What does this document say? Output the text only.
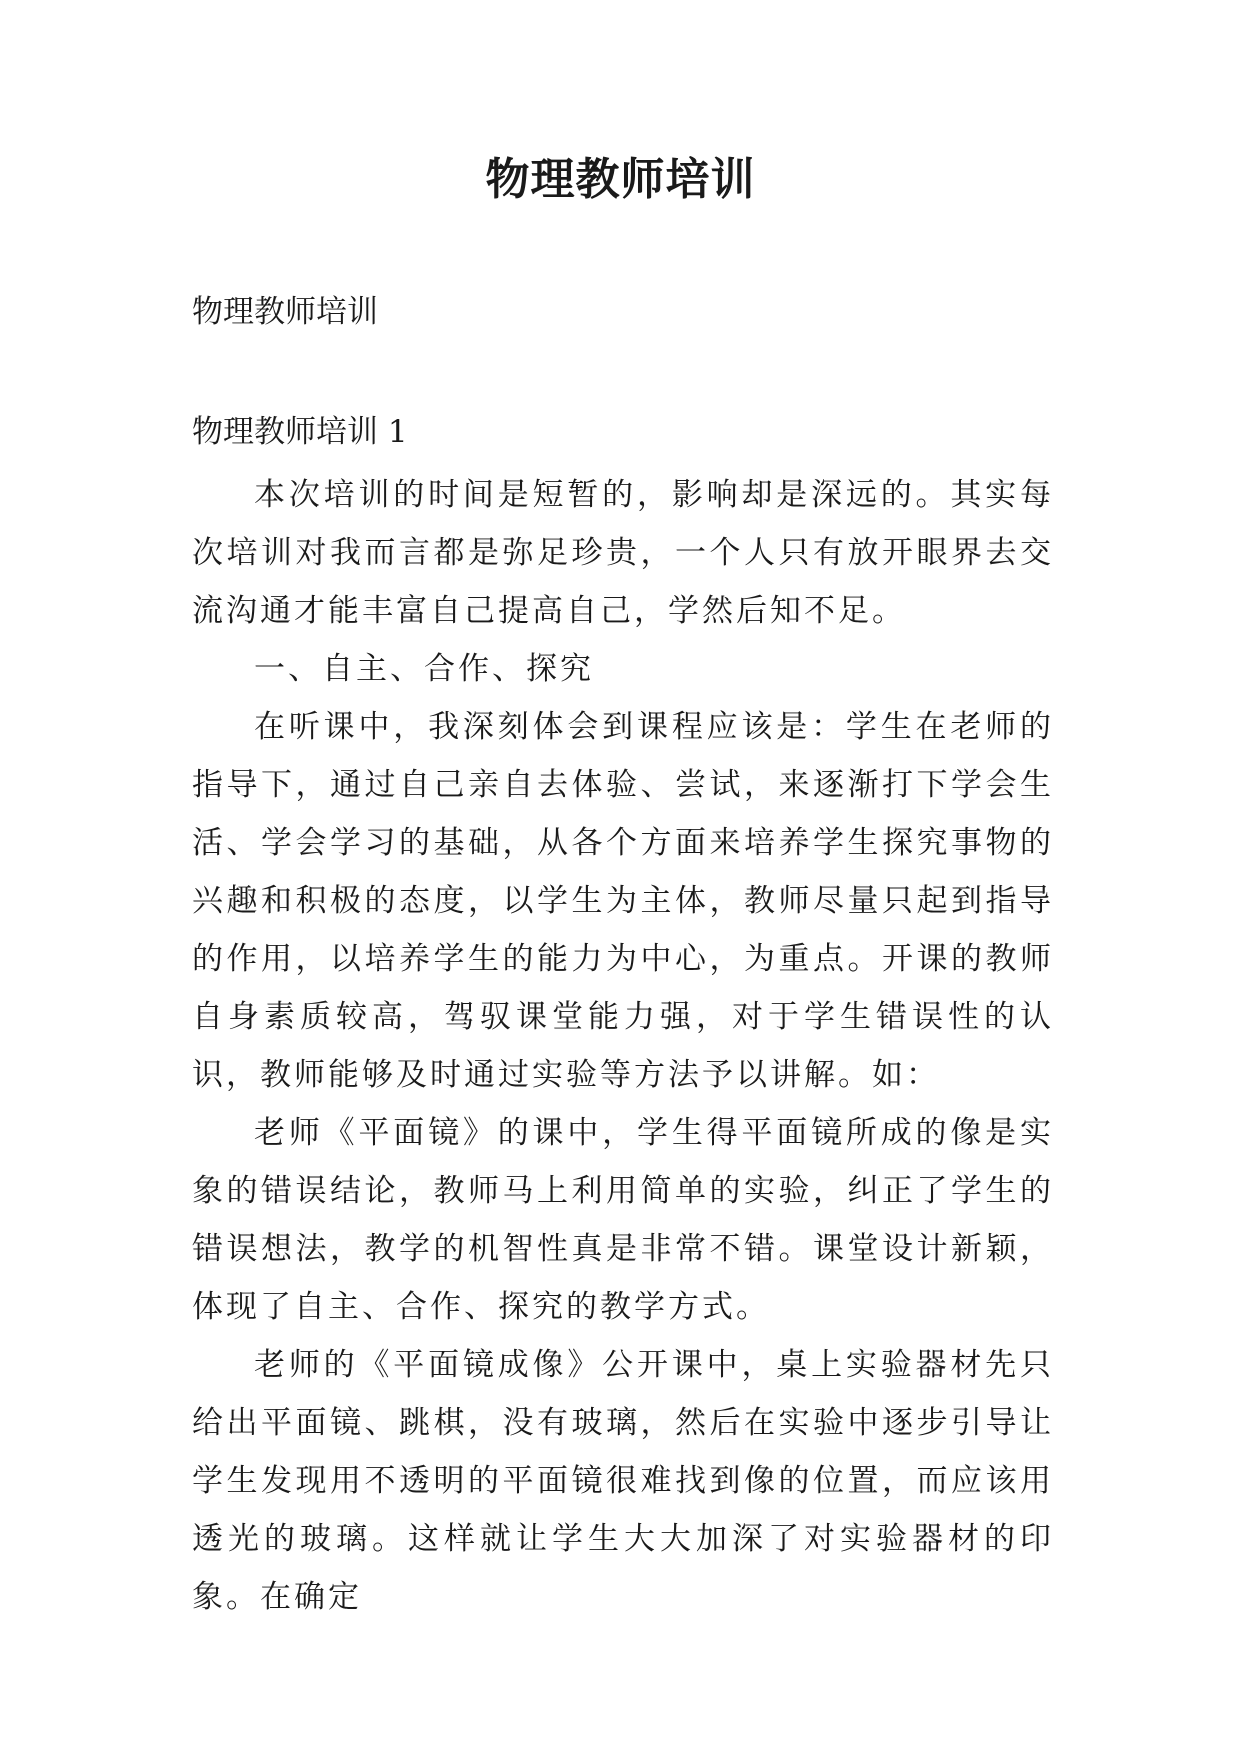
物理教师培训
物理教师培训
物理教师培训 1

本次培训的时间是短暂的，影响却是深远的。其实每次培训对我而言都是弥足珍贵，一个人只有放开眼界去交流沟通才能丰富自己提高自己，学然后知不足。

一、自主、合作、探究

在听课中，我深刻体会到课程应该是：学生在老师的指导下，通过自己亲自去体验、尝试，来逐渐打下学会生活、学会学习的基础，从各个方面来培养学生探究事物的兴趣和积极的态度，以学生为主体，教师尽量只起到指导的作用，以培养学生的能力为中心，为重点。开课的教师自身素质较高，驾驭课堂能力强，对于学生错误性的认识，教师能够及时通过实验等方法予以讲解。如：

老师《平面镜》的课中，学生得平面镜所成的像是实象的错误结论，教师马上利用简单的实验，纠正了学生的错误想法，教学的机智性真是非常不错。课堂设计新颖，体现了自主、合作、探究的教学方式。

老师的《平面镜成像》公开课中，桌上实验器材先只给出平面镜、跳棋，没有玻璃，然后在实验中逐步引导让学生发现用不透明的平面镜很难找到像的位置，而应该用透光的玻璃。这样就让学生大大加深了对实验器材的印象。在确定
